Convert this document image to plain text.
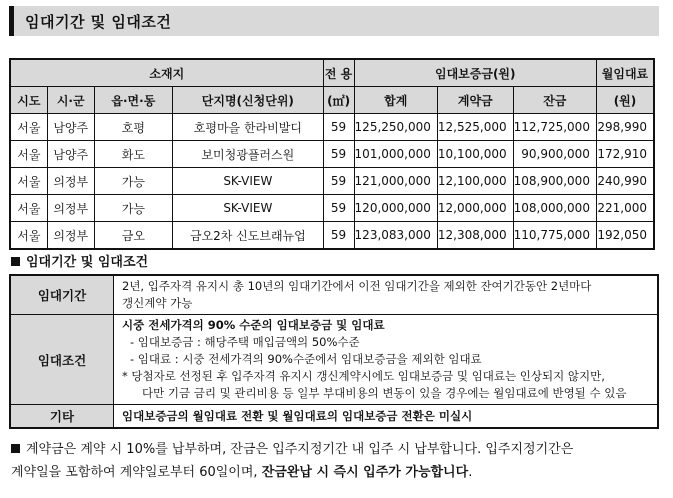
임대기간 및 임대조건
소재지				전 용	임대보증금(원)			월임대료
시도	시·군	읍·면·동	단지명(신청단위)	(㎡)	합계	계약금	잔금	(원)
서울	남양주	호평	호평마을 한라비발디	59	125,250,000	12,525,000	112,725,000	298,990
서울	남양주	화도	보미청광플러스원	59	101,000,000	10,100,000	90,900,000	172,910
서울	의정부	가능	SK-VIEW	59	121,000,000	12,100,000	108,900,000	240,990
서울	의정부	가능	SK-VIEW	59	120,000,000	12,000,000	108,000,000	221,000
서울	의정부	금오	금오2차 신도브래뉴업	59	123,083,000	12,308,000	110,775,000	192,050
임대기간 및 임대조건
임대기간	2년, 입주자격 유지시 총 10년의 임대기간에서 이전 임대기간을 제외한 잔여기간동안 2년마다
갱신계약 가능

임대조건	시중 전세가격의 90% 수준의 임대보증금 및 임대료
- 임대보증금 : 해당주택 매입금액의 50%수준
- 임대료 : 시중 전세가격의 90%수준에서 임대보증금을 제외한 임대료
* 당첨자로 선정된 후 입주자격 유지시 갱신계약시에도 임대보증금 및 임대료는 인상되지 않지만,
다만 기금 금리 및 관리비용 등 일부 부대비용의 변동이 있을 경우에는 월임대료에 반영될 수 있음

기타	임대보증금의 월임대료 전환 및 월임대료의 임대보증금 전환은 미실시
계약금은 계약 시 10%를 납부하며, 잔금은 입주지정기간 내 입주 시 납부합니다. 입주지정기간은
계약일을 포함하여 계약일로부터 60일이며, 잔금완납 시 즉시 입주가 가능합니다.
